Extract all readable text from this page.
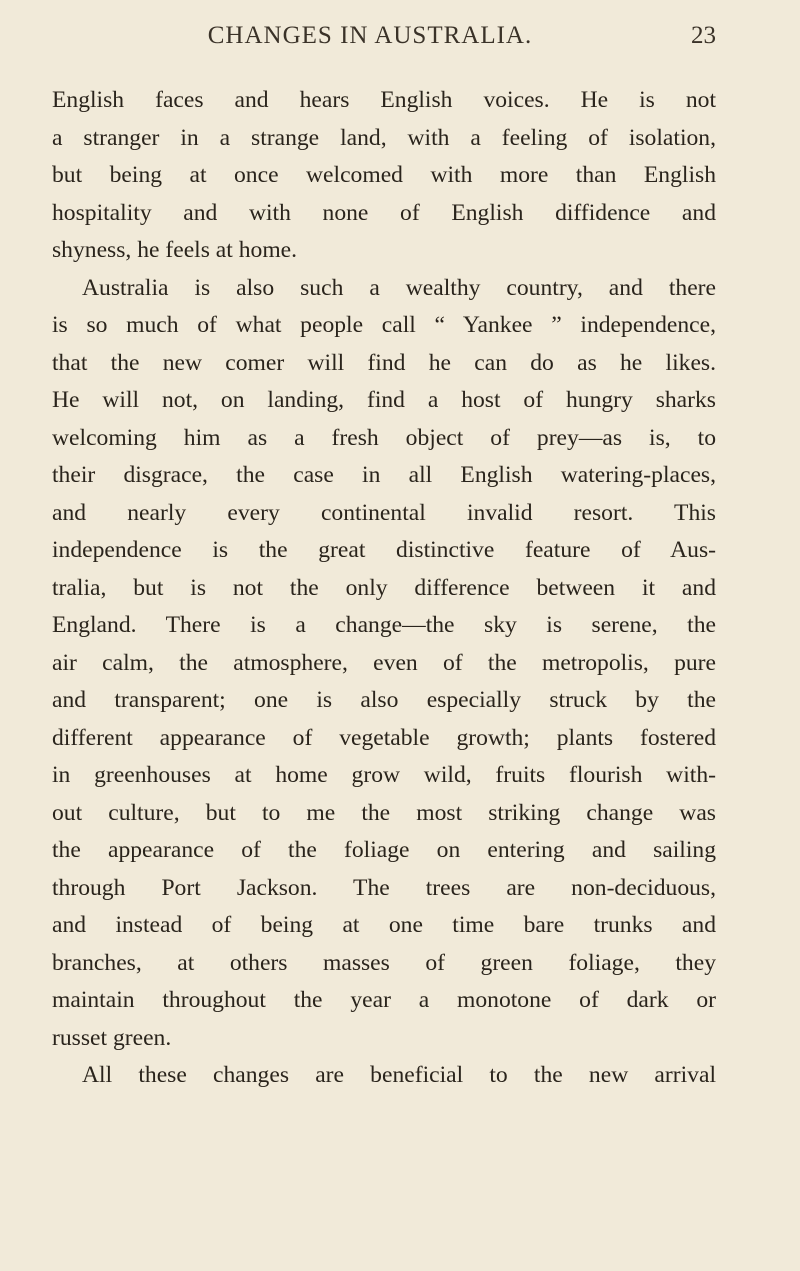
CHANGES IN AUSTRALIA.	23
English faces and hears English voices. He is not
a stranger in a strange land, with a feeling of isolation,
but being at once welcomed with more than English
hospitality and with none of English diffidence and
shyness, he feels at home.
Australia is also such a wealthy country, and there
is so much of what people call “ Yankee ” independence,
that the new comer will find he can do as he likes.
He will not, on landing, find a host of hungry sharks
welcoming him as a fresh object of prey—as is, to
their disgrace, the case in all English watering-places,
and nearly every continental invalid resort. This
independence is the great distinctive feature of Aus-
tralia, but is not the only difference between it and
England. There is a change—the sky is serene, the
air calm, the atmosphere, even of the metropolis, pure
and transparent; one is also especially struck by the
different appearance of vegetable growth; plants fostered
in greenhouses at home grow wild, fruits flourish with-
out culture, but to me the most striking change was
the appearance of the foliage on entering and sailing
through Port Jackson. The trees are non-deciduous,
and instead of being at one time bare trunks and
branches, at others masses of green foliage, they
maintain throughout the year a monotone of dark or
russet green.
All these changes are beneficial to the new arrival
